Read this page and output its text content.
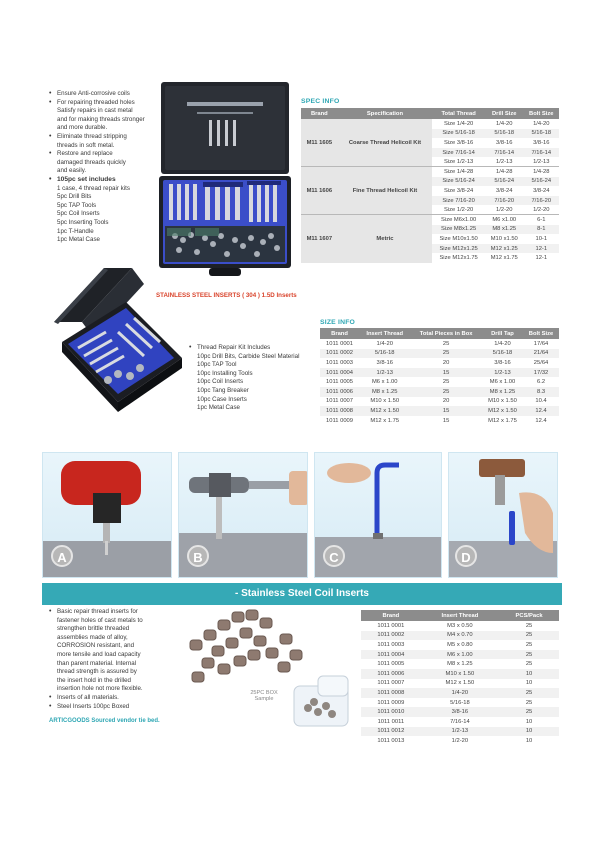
• Ensure Anti-corrosive coils
• For repairing threaded holes
Satisfy repairs in cast metal
and for making threads stronger
and more durable.
• Eliminate thread stripping
threads in soft metal.
• Restore and replace
damaged threads quickly
and easily.
• 105pc set includes
1 case, 4 thread repair kits
5pc Drill Bits
5pc TAP Tools
5pc Coil Inserts
5pc Inserting Tools
1pc T-Handle
1pc Metal Case
SPEC INFO
Brand	Specification	Total Thread	Drill Size	Bolt Size
M11 1605	Coarse Thread Helicoil Kit	Size 1/4-20	1/4-20	1/4-20
		Size 5/16-18	5/16-18	5/16-18
		Size 3/8-16	3/8-16	3/8-16
		Size 7/16-14	7/16-14	7/16-14
		Size 1/2-13	1/2-13	1/2-13
M11 1606	Fine Thread Helicoil Kit	Size 1/4-28	1/4-28	1/4-28
		Size 5/16-24	5/16-24	5/16-24
		Size 3/8-24	3/8-24	3/8-24
		Size 7/16-20	7/16-20	7/16-20
		Size 1/2-20	1/2-20	1/2-20
M11 1607	Metric	Size M6x1.00	M6 x1.00	6-1
		Size M8x1.25	M8 x1.25	8-1
		Size M10x1.50	M10 x1.50	10-1
		Size M12x1.25	M12 x1.25	12-1
		Size M12x1.75	M12 x1.75	12-1
STAINLESS STEEL INSERTS ( 304 ) 1.5D Inserts
• Thread Repair Kit Includes
10pc Drill Bits, Carbide Steel Material
10pc TAP Tool
10pc Installing Tools
10pc Coil Inserts
10pc Tang Breaker
10pc Case Inserts
1pc Metal Case
SIZE INFO
Brand	Insert Thread	Total Pieces in Box	Drill Tap	Bolt Size
1011 0001	1/4-20	25	1/4-20	17/64
1011 0002	5/16-18	25	5/16-18	21/64
1011 0003	3/8-16	20	3/8-16	25/64
1011 0004	1/2-13	15	1/2-13	17/32
1011 0005	M6 x 1.00	25	M6 x 1.00	6.2
1011 0006	M8 x 1.25	25	M8 x 1.25	8.3
1011 0007	M10 x 1.50	20	M10 x 1.50	10.4
1011 0008	M12 x 1.50	15	M12 x 1.50	12.4
1011 0009	M12 x 1.75	15	M12 x 1.75	12.4
A	B	C	D
- Stainless Steel Coil Inserts
• Basic repair thread inserts for
fastener holes of cast metals to
strengthen brittle threaded
assemblies made of alloy,
CORROSION resistant, and
more tensile and load capacity
than parent material. Internal
thread strength is assured by
the insert hold in the drilled
insertion hole not more flexible.
• Inserts of all materials.
• Steel Inserts 100pc Boxed
ARTICGOODS Sourced vendor tie bed.
25PC BOX
Sample
Brand	Insert Thread	PCS/Pack
1011 0001	M3 x 0.50	25
1011 0002	M4 x 0.70	25
1011 0003	M5 x 0.80	25
1011 0004	M6 x 1.00	25
1011 0005	M8 x 1.25	25
1011 0006	M10 x 1.50	10
1011 0007	M12 x 1.50	10
1011 0008	1/4-20	25
1011 0009	5/16-18	25
1011 0010	3/8-16	25
1011 0011	7/16-14	10
1011 0012	1/2-13	10
1011 0013	1/2-20	10
